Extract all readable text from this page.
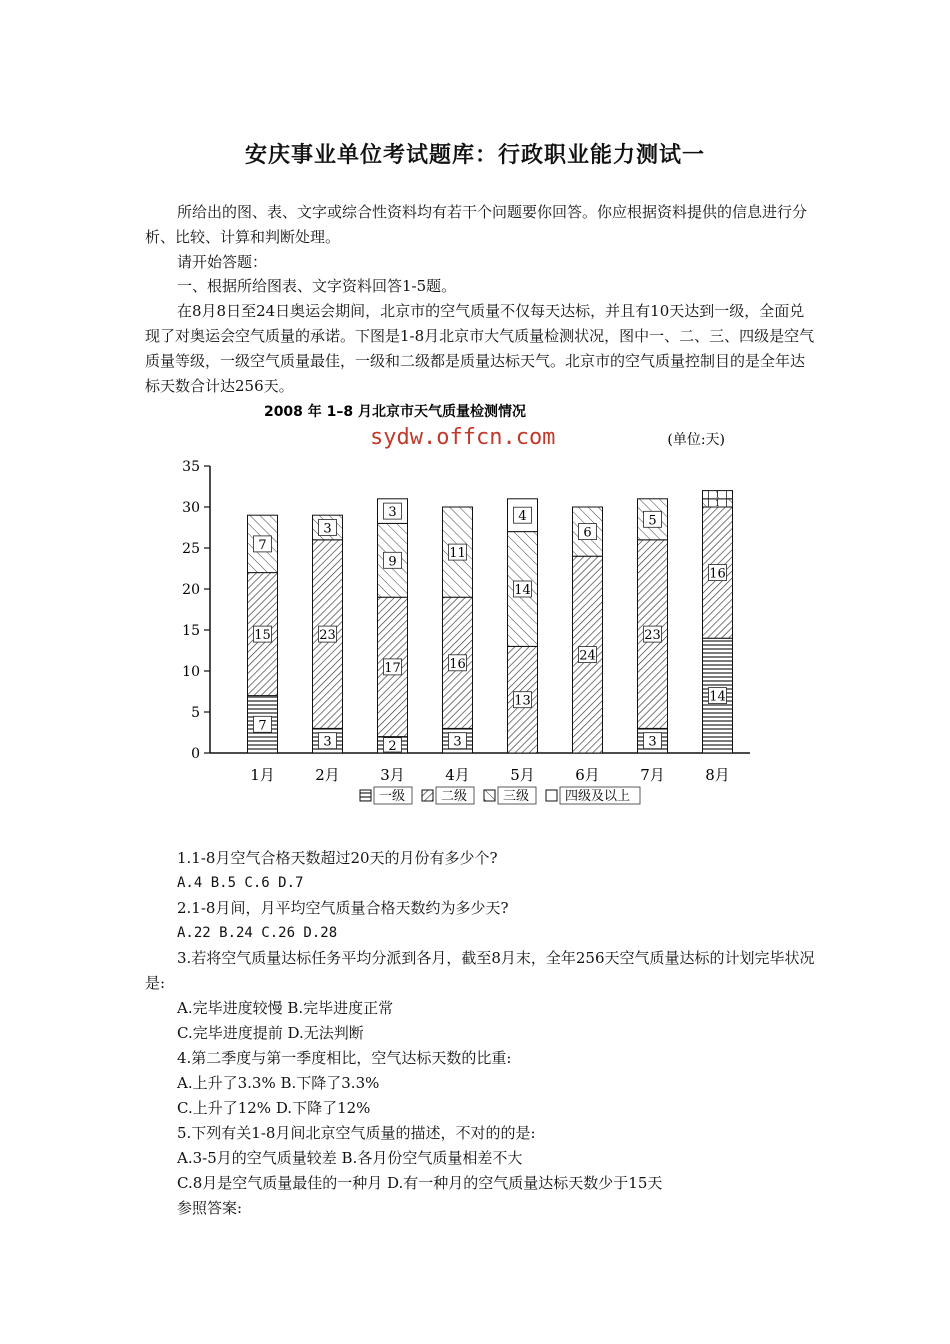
安庆事业单位考试题库：行政职业能力测试一

所给出的图、表、文字或综合性资料均有若干个问题要你回答。你应根据资料提供的信息进行分析、比较、计算和判断处理。

请开始答题：

一、根据所给图表、文字资料回答1-5题。

在8月8日至24日奥运会期间，北京市的空气质量不仅每天达标，并且有10天达到一级，全面兑现了对奥运会空气质量的承诺。下图是1-8月北京市大气质量检测状况，图中一、二、三、四级是空气质量等级，一级空气质量最佳，一级和二级都是质量达标天气。北京市的空气质量控制目的是全年达标天数合计达256天。

2008 年 1–8 月北京市天气质量检测情况
sydw.offcn.com	(单位:天)
0
5
10
15
20
25
30
35
1月	2月	3月	4月	5月	6月	7月	8月
7
15
7
3
23
3
2
17
9
3
3
16
11
13
14
4
24
6
3
23
5
14
16
1
1
一级	二级	三级	四级及以上

1.1-8月空气合格天数超过20天的月份有多少个?

A.4 B.5 C.6 D.7

2.1-8月间，月平均空气质量合格天数约为多少天?

A.22 B.24 C.26 D.28

3.若将空气质量达标任务平均分派到各月，截至8月末，全年256天空气质量达标的计划完毕状况是:

A.完毕进度较慢 B.完毕进度正常

C.完毕进度提前 D.无法判断

4.第二季度与第一季度相比，空气达标天数的比重:

A.上升了3.3% B.下降了3.3%

C.上升了12% D.下降了12%

5.下列有关1-8月间北京空气质量的描述，不对的的是:

A.3-5月的空气质量较差 B.各月份空气质量相差不大

C.8月是空气质量最佳的一种月 D.有一种月的空气质量达标天数少于15天

参照答案:
